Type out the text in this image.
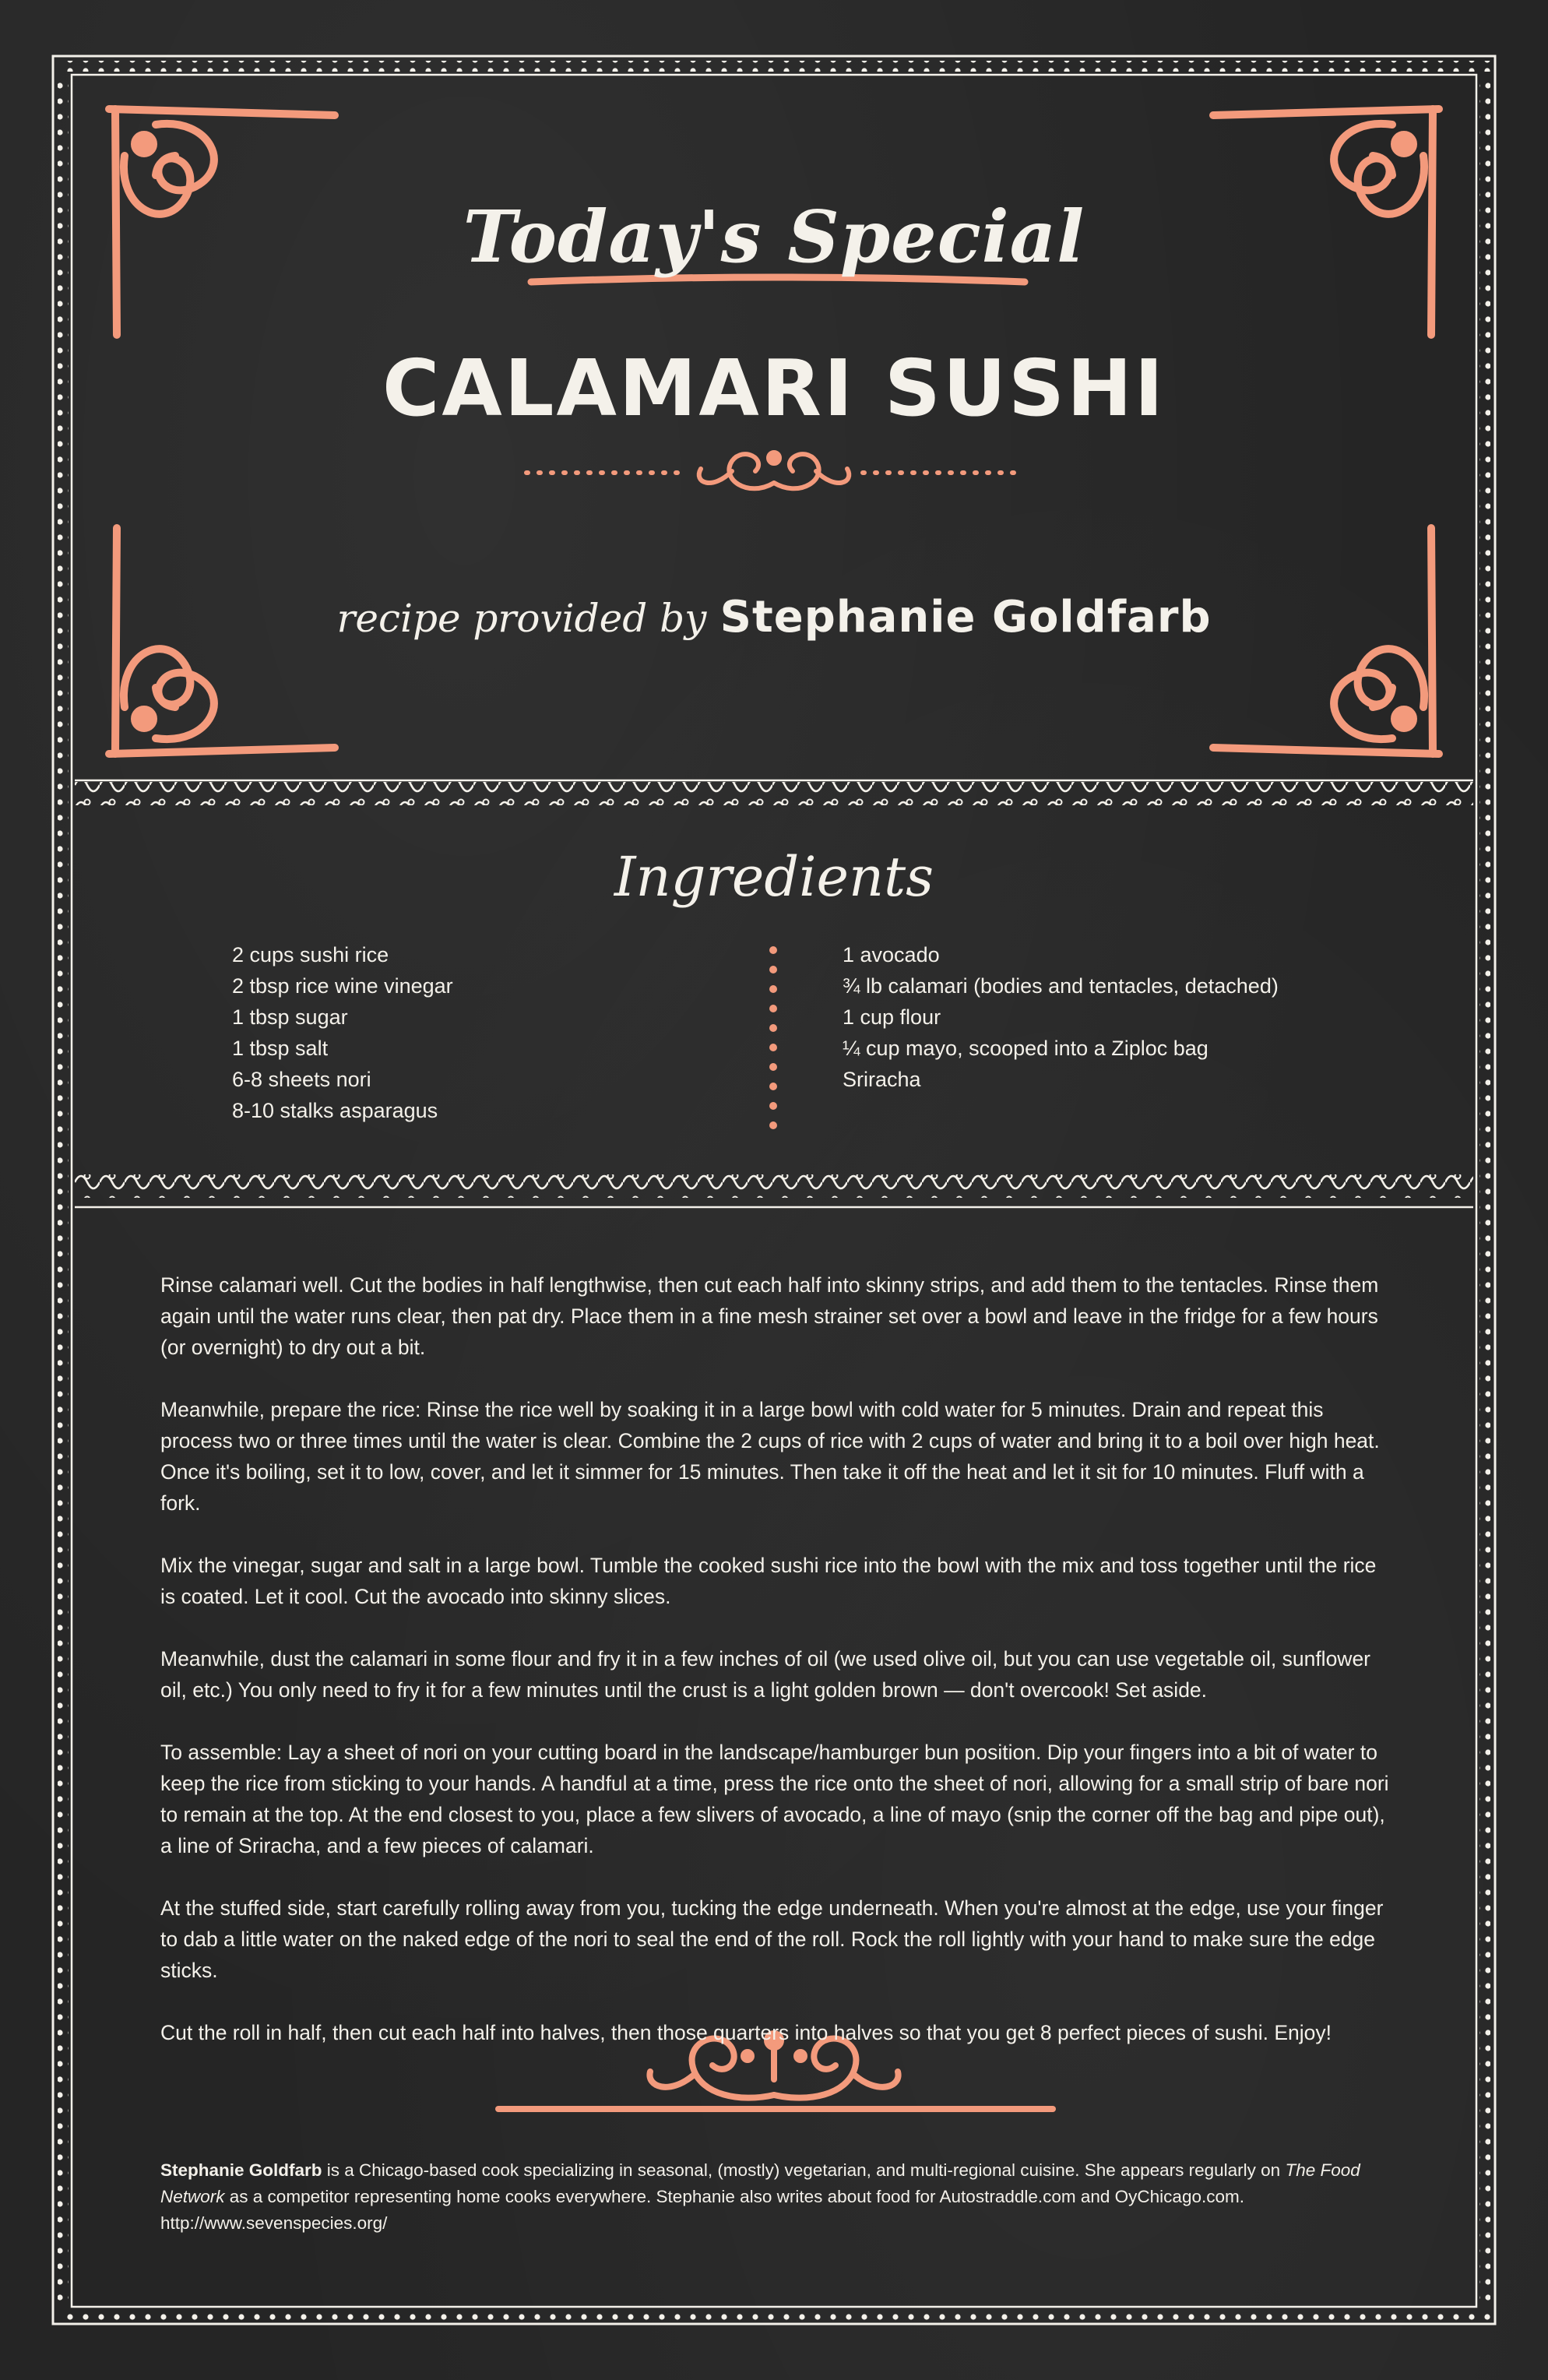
Today's Special
CALAMARI SUSHI
recipe provided by Stephanie Goldfarb
Ingredients
2 cups sushi rice
2 tbsp rice wine vinegar
1 tbsp sugar
1 tbsp salt
6-8 sheets nori
8-10 stalks asparagus
1 avocado
¾ lb calamari (bodies and tentacles, detached)
1 cup flour
¼ cup mayo, scooped into a Ziploc bag
Sriracha

Rinse calamari well. Cut the bodies in half lengthwise, then cut each half into skinny strips, and add them to the tentacles. Rinse them again until the water runs clear, then pat dry. Place them in a fine mesh strainer set over a bowl and leave in the fridge for a few hours (or overnight) to dry out a bit.

Meanwhile, prepare the rice: Rinse the rice well by soaking it in a large bowl with cold water for 5 minutes. Drain and repeat this process two or three times until the water is clear. Combine the 2 cups of rice with 2 cups of water and bring it to a boil over high heat. Once it's boiling, set it to low, cover, and let it simmer for 15 minutes. Then take it off the heat and let it sit for 10 minutes. Fluff with a fork.

Mix the vinegar, sugar and salt in a large bowl. Tumble the cooked sushi rice into the bowl with the mix and toss together until the rice is coated. Let it cool. Cut the avocado into skinny slices.

Meanwhile, dust the calamari in some flour and fry it in a few inches of oil (we used olive oil, but you can use vegetable oil, sunflower oil, etc.) You only need to fry it for a few minutes until the crust is a light golden brown — don't overcook! Set aside.

To assemble: Lay a sheet of nori on your cutting board in the landscape/hamburger bun position. Dip your fingers into a bit of water to keep the rice from sticking to your hands. A handful at a time, press the rice onto the sheet of nori, allowing for a small strip of bare nori to remain at the top. At the end closest to you, place a few slivers of avocado, a line of mayo (snip the corner off the bag and pipe out), a line of Sriracha, and a few pieces of calamari.

At the stuffed side, start carefully rolling away from you, tucking the edge underneath. When you're almost at the edge, use your finger to dab a little water on the naked edge of the nori to seal the end of the roll. Rock the roll lightly with your hand to make sure the edge sticks.

Cut the roll in half, then cut each half into halves, then those quarters into halves so that you get 8 perfect pieces of sushi. Enjoy!

Stephanie Goldfarb is a Chicago-based cook specializing in seasonal, (mostly) vegetarian, and multi-regional cuisine. She appears regularly on The Food Network as a competitor representing home cooks everywhere. Stephanie also writes about food for Autostraddle.com and OyChicago.com.
http://www.sevenspecies.org/
